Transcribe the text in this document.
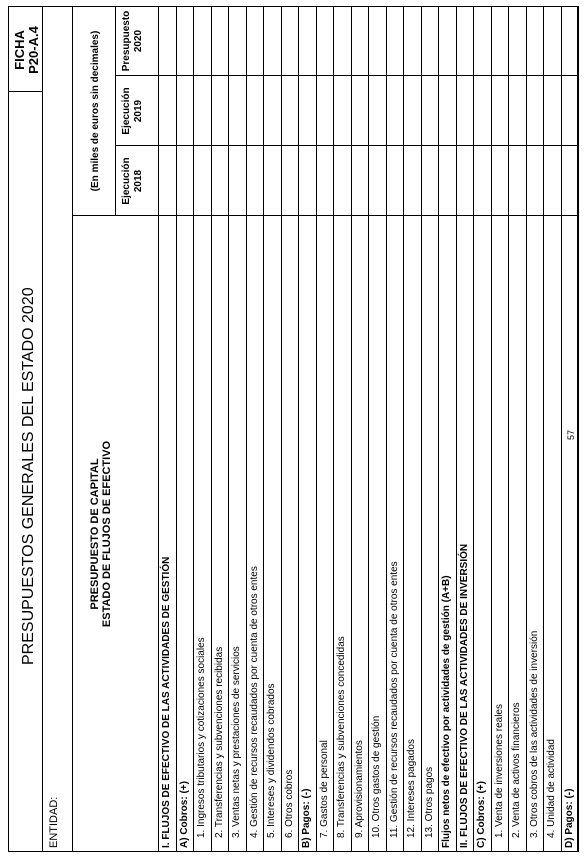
PRESUPUESTOS GENERALES DEL ESTADO 2020
FICHA P20-A.4
ENTIDAD:
PRESUPUESTO DE CAPITAL ESTADO DE FLUJOS DE EFECTIVO
(En miles de euros sin decimales) Ejecución 2018
Ejecución 2019
Presupuesto 2020
I. FLUJOS DE EFECTIVO DE LAS ACTIVIDADES DE GESTIÓN A) Cobros: (+) 1. Ingresos tributarios y cotizaciones sociales 2. Transferencias y subvenciones recibidas 3. Ventas netas y prestaciones de servicios 4. Gestión de recursos recaudados por cuenta de otros entes 5. Intereses y dividendos cobrados 6. Otros cobros B) Pagos: (-) 7. Gastos de personal 8. Transferencias y subvenciones concedidas 9. Aprovisionamientos 10. Otros gastos de gestión 11. Gestión de recursos recaudados por cuenta de otros entes 12. Intereses pagados 13. Otros pagos Flujos netos de efectivo por actividades de gestión (A+B) II. FLUJOS DE EFECTIVO DE LAS ACTIVIDADES DE INVERSIÓN C) Cobros: (+) 1. Venta de inversiones reales 2. Venta de activos financieros 3. Otros cobros de las actividades de inversión 4. Unidad de actividad D) Pagos: (-)
57
